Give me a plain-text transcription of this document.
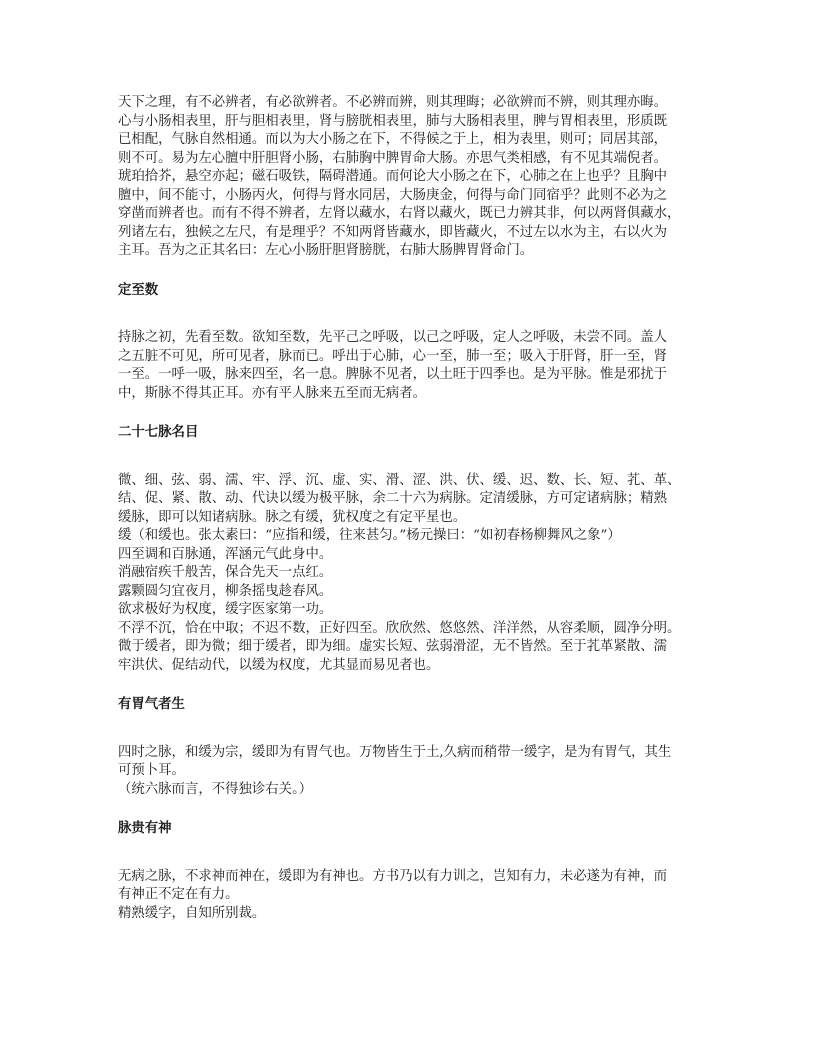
天下之理，有不必辨者，有必欲辨者。不必辨而辨，则其理晦；必欲辨而不辨，则其理亦晦。
心与小肠相表里，肝与胆相表里，肾与膀胱相表里，肺与大肠相表里，脾与胃相表里，形质既
已相配，气脉自然相通。而以为大小肠之在下，不得候之于上，相为表里，则可；同居其部，
则不可。易为左心膻中肝胆肾小肠，右肺胸中脾胃命大肠。亦思气类相感，有不见其端倪者。
琥珀拾芥，悬空亦起；磁石吸铁，隔碍潜通。而何论大小肠之在下，心肺之在上也乎？且胸中
膻中，间不能寸，小肠丙火，何得与肾水同居，大肠庚金，何得与命门同宿乎？此则不必为之
穿凿而辨者也。而有不得不辨者，左肾以藏水，右肾以藏火，既已力辨其非，何以两肾俱藏水，
列诸左右，独候之左尺，有是理乎？不知两肾皆藏水，即皆藏火，不过左以水为主，右以火为
主耳。吾为之正其名曰：左心小肠肝胆肾膀胱，右肺大肠脾胃肾命门。
定至数
持脉之初，先看至数。欲知至数，先平己之呼吸，以己之呼吸，定人之呼吸，未尝不同。盖人
之五脏不可见，所可见者，脉而已。呼出于心肺，心一至，肺一至；吸入于肝肾，肝一至，肾
一至。一呼一吸，脉来四至，名一息。脾脉不见者，以土旺于四季也。是为平脉。惟是邪扰于
中，斯脉不得其正耳。亦有平人脉来五至而无病者。
二十七脉名目
微、细、弦、弱、濡、牢、浮、沉、虚、实、滑、涩、洪、伏、缓、迟、数、长、短、芤、革、
结、促、紧、散、动、代诀以缓为极平脉，余二十六为病脉。定清缓脉，方可定诸病脉；精熟
缓脉，即可以知诸病脉。脉之有缓，犹权度之有定平星也。
缓（和缓也。张太素曰：“应指和缓，往来甚匀。”杨元操曰：“如初春杨柳舞风之象”）
四至调和百脉通，浑涵元气此身中。
消融宿疾千般苦，保合先天一点红。
露颗圆匀宜夜月，柳条摇曳趁春风。
欲求极好为权度，缓字医家第一功。
不浮不沉，恰在中取；不迟不数，正好四至。欣欣然、悠悠然、洋洋然，从容柔顺，圆净分明。
微于缓者，即为微；细于缓者，即为细。虚实长短、弦弱滑涩，无不皆然。至于芤革紧散、濡
牢洪伏、促结动代，以缓为权度，尤其显而易见者也。
有胃气者生
四时之脉，和缓为宗，缓即为有胃气也。万物皆生于土,久病而稍带一缓字，是为有胃气，其生
可预卜耳。
（统六脉而言，不得独诊右关。）
脉贵有神
无病之脉，不求神而神在，缓即为有神也。方书乃以有力训之，岂知有力，未必遂为有神，而
有神正不定在有力。
精熟缓字，自知所别裁。
